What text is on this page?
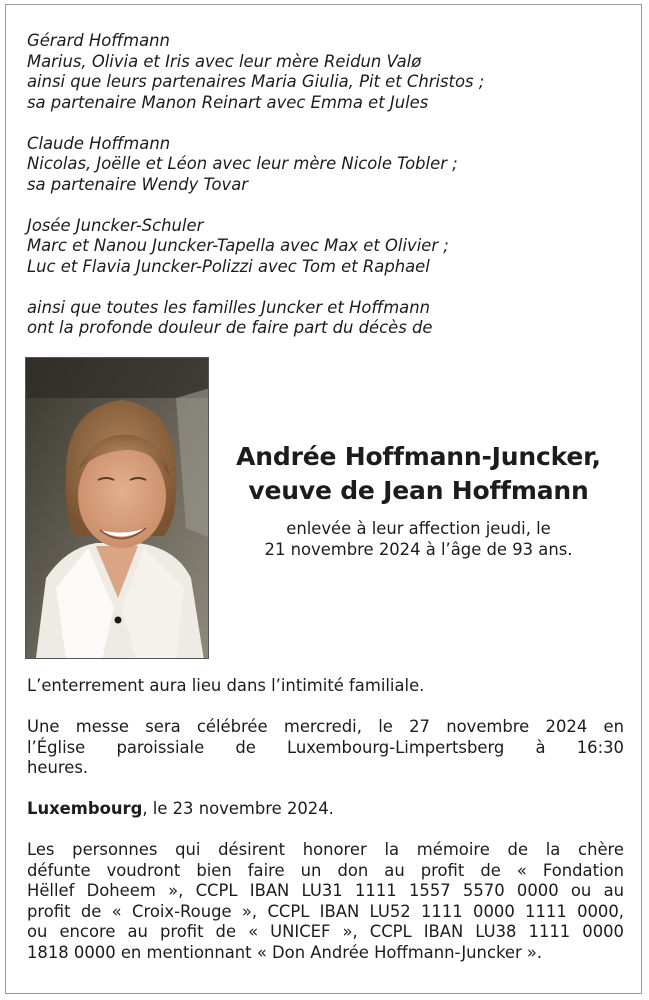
Gérard Hoffmann
Marius, Olivia et Iris avec leur mère Reidun Valø
ainsi que leurs partenaires Maria Giulia, Pit et Christos ;
sa partenaire Manon Reinart avec Emma et Jules
Claude Hoffmann
Nicolas, Joëlle et Léon avec leur mère Nicole Tobler ;
sa partenaire Wendy Tovar
Josée Juncker-Schuler
Marc et Nanou Juncker-Tapella avec Max et Olivier ;
Luc et Flavia Juncker-Polizzi avec Tom et Raphael
ainsi que toutes les familles Juncker et Hoffmann
ont la profonde douleur de faire part du décès de
Andrée Hoffmann-Juncker,
veuve de Jean Hoffmann
enlevée à leur affection jeudi, le
21 novembre 2024 à l’âge de 93 ans.
L’enterrement aura lieu dans l’intimité familiale.
Une messe sera célébrée mercredi, le 27 novembre 2024 en
l’Église paroissiale de Luxembourg-Limpertsberg à 16:30
heures.
Luxembourg, le 23 novembre 2024.
Les personnes qui désirent honorer la mémoire de la chère
défunte voudront bien faire un don au profit de « Fondation
Hëllef Doheem », CCPL IBAN LU31 1111 1557 5570 0000 ou au
profit de « Croix-Rouge », CCPL IBAN LU52 1111 0000 1111 0000,
ou encore au profit de « UNICEF », CCPL IBAN LU38 1111 0000
1818 0000 en mentionnant « Don Andrée Hoffmann-Juncker ».
